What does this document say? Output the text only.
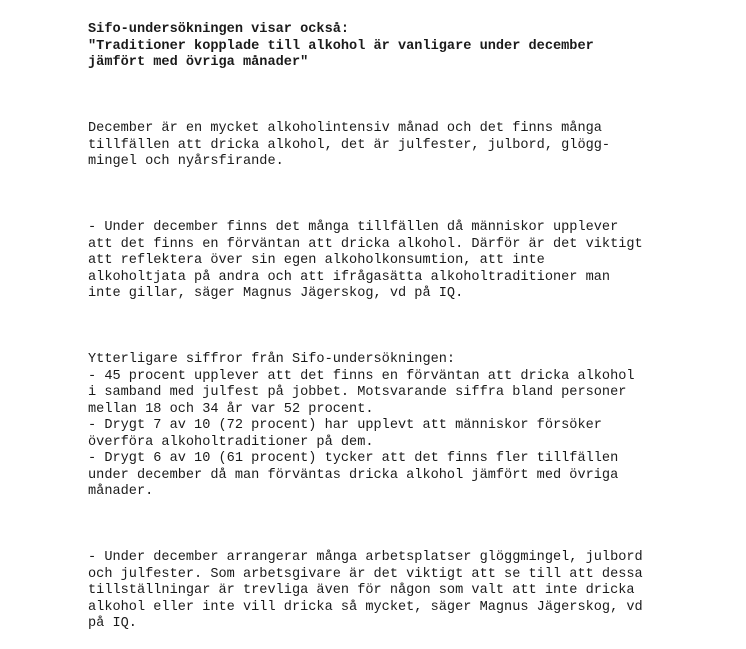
Sifo-undersökningen visar också:
"Traditioner kopplade till alkohol är vanligare under december
jämfört med övriga månader"

December är en mycket alkoholintensiv månad och det finns många
tillfällen att dricka alkohol, det är julfester, julbord, glögg-
mingel och nyårsfirande.

- Under december finns det många tillfällen då människor upplever
att det finns en förväntan att dricka alkohol. Därför är det viktigt
att reflektera över sin egen alkoholkonsumtion, att inte
alkoholtjata på andra och att ifrågasätta alkoholtraditioner man
inte gillar, säger Magnus Jägerskog, vd på IQ.

Ytterligare siffror från Sifo-undersökningen:
- 45 procent upplever att det finns en förväntan att dricka alkohol
i samband med julfest på jobbet. Motsvarande siffra bland personer
mellan 18 och 34 år var 52 procent.
- Drygt 7 av 10 (72 procent) har upplevt att människor försöker
överföra alkoholtraditioner på dem.
- Drygt 6 av 10 (61 procent) tycker att det finns fler tillfällen
under december då man förväntas dricka alkohol jämfört med övriga
månader.

- Under december arrangerar många arbetsplatser glöggmingel, julbord
och julfester. Som arbetsgivare är det viktigt att se till att dessa
tillställningar är trevliga även för någon som valt att inte dricka
alkohol eller inte vill dricka så mycket, säger Magnus Jägerskog, vd
på IQ.
